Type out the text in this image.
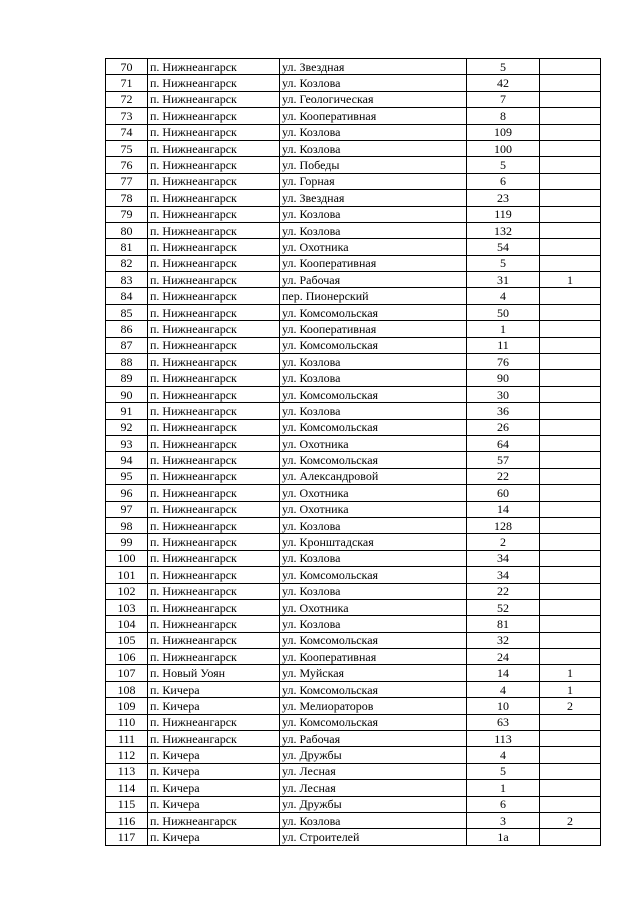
70	п. Нижнеангарск	ул. Звездная	5	
71	п. Нижнеангарск	ул. Козлова	42	
72	п. Нижнеангарск	ул. Геологическая	7	
73	п. Нижнеангарск	ул. Кооперативная	8	
74	п. Нижнеангарск	ул. Козлова	109	
75	п. Нижнеангарск	ул. Козлова	100	
76	п. Нижнеангарск	ул. Победы	5	
77	п. Нижнеангарск	ул. Горная	6	
78	п. Нижнеангарск	ул. Звездная	23	
79	п. Нижнеангарск	ул. Козлова	119	
80	п. Нижнеангарск	ул. Козлова	132	
81	п. Нижнеангарск	ул. Охотника	54	
82	п. Нижнеангарск	ул. Кооперативная	5	
83	п. Нижнеангарск	ул. Рабочая	31	1
84	п. Нижнеангарск	пер. Пионерский	4	
85	п. Нижнеангарск	ул. Комсомольская	50	
86	п. Нижнеангарск	ул. Кооперативная	1	
87	п. Нижнеангарск	ул. Комсомольская	11	
88	п. Нижнеангарск	ул. Козлова	76	
89	п. Нижнеангарск	ул. Козлова	90	
90	п. Нижнеангарск	ул. Комсомольская	30	
91	п. Нижнеангарск	ул. Козлова	36	
92	п. Нижнеангарск	ул. Комсомольская	26	
93	п. Нижнеангарск	ул. Охотника	64	
94	п. Нижнеангарск	ул. Комсомольская	57	
95	п. Нижнеангарск	ул. Александровой	22	
96	п. Нижнеангарск	ул. Охотника	60	
97	п. Нижнеангарск	ул. Охотника	14	
98	п. Нижнеангарск	ул. Козлова	128	
99	п. Нижнеангарск	ул. Кронштадская	2	
100	п. Нижнеангарск	ул. Козлова	34	
101	п. Нижнеангарск	ул. Комсомольская	34	
102	п. Нижнеангарск	ул. Козлова	22	
103	п. Нижнеангарск	ул. Охотника	52	
104	п. Нижнеангарск	ул. Козлова	81	
105	п. Нижнеангарск	ул. Комсомольская	32	
106	п. Нижнеангарск	ул. Кооперативная	24	
107	п. Новый Уоян	ул. Муйская	14	1
108	п. Кичера	ул. Комсомольская	4	1
109	п. Кичера	ул. Мелиораторов	10	2
110	п. Нижнеангарск	ул. Комсомольская	63	
111	п. Нижнеангарск	ул. Рабочая	113	
112	п. Кичера	ул. Дружбы	4	
113	п. Кичера	ул. Лесная	5	
114	п. Кичера	ул. Лесная	1	
115	п. Кичера	ул. Дружбы	6	
116	п. Нижнеангарск	ул. Козлова	3	2
117	п. Кичера	ул. Строителей	1а	
